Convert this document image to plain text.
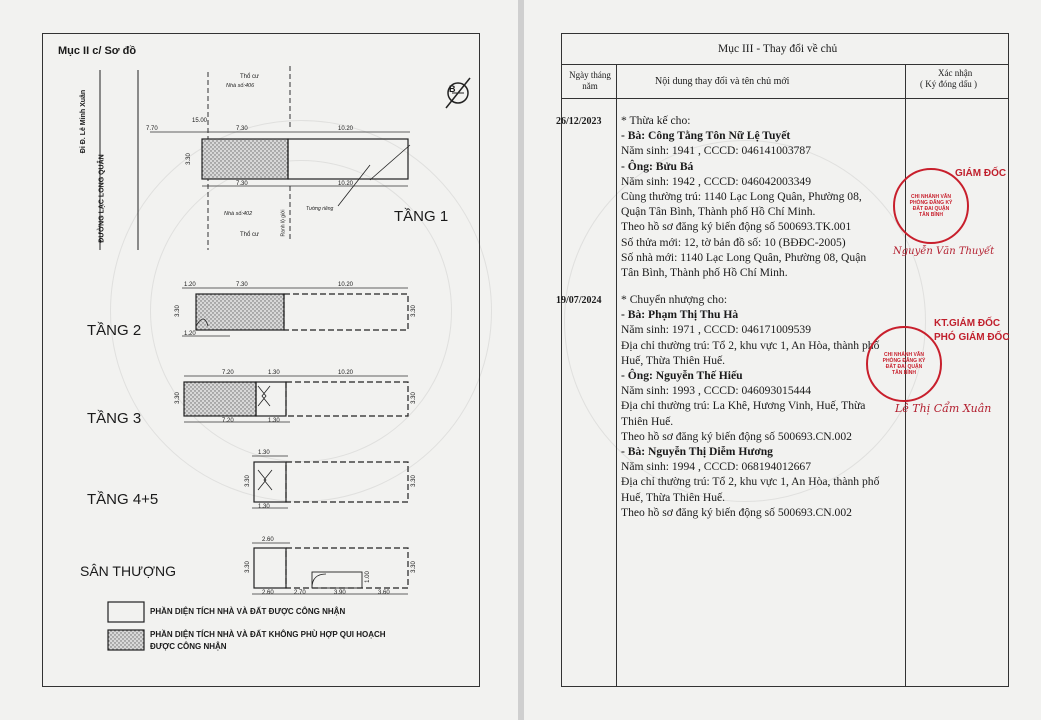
Mục II c/ Sơ đồ
Đi Đ. Lê Minh Xuân
ĐƯỜNG LẠC LONG QUÂN
B
Thổ cư
Nhà số:406
Nhà số:402
Thổ cư	Ranh lộ giới
Tường riêng
7.70
15.00
7.30	10.20
7.30	10.20
3.30
TẦNG 1
1.20	7.30	10.20
1.20
3.30	3.30
TẦNG 2
7.20	1.30	10.20
7.20	1.30
3.30	3.30
TẦNG 3
1.30
1.30
3.30	3.30
TẦNG 4+5
2.60
2.60	2.70	3.90	3.60
3.30	3.30
1.00
SÂN THƯỢNG
PHẦN DIỆN TÍCH NHÀ VÀ ĐẤT ĐƯỢC CÔNG NHẬN
PHẦN DIỆN TÍCH NHÀ VÀ ĐẤT KHÔNG PHÙ HỢP QUI HOẠCH
ĐƯỢC CÔNG NHẬN
Mục III - Thay đổi về chủ
Ngày tháng năm	Nội dung thay đổi và tên chủ mới
Xác nhận
( Ký đóng dấu )
26/12/2023 * Thừa kế cho:
- Bà: Công Tằng Tôn Nữ Lệ Tuyết
Năm sinh: 1941 , CCCD: 046141003787
- Ông: Bửu Bá
Năm sinh: 1942 , CCCD: 046042003349
Cùng thường trú: 1140 Lạc Long Quân, Phường 08,
Quận Tân Bình, Thành phố Hồ Chí Minh.
Theo hồ sơ đăng ký biến động số 500693.TK.001
Số thửa mới: 12, tờ bản đồ số: 10 (BĐĐC-2005)
Số nhà mới: 1140 Lạc Long Quân, Phường 08, Quận
Tân Bình, Thành phố Hồ Chí Minh.
19/07/2024 * Chuyển nhượng cho:
- Bà: Phạm Thị Thu Hà
Năm sinh: 1971 , CCCD: 046171009539
Địa chỉ thường trú: Tổ 2, khu vực 1, An Hòa, thành phố
Huế, Thừa Thiên Huế.
- Ông: Nguyễn Thế Hiếu
Năm sinh: 1993 , CCCD: 046093015444
Địa chỉ thường trú: La Khê, Hương Vinh, Huế, Thừa
Thiên Huế.
Theo hồ sơ đăng ký biến động số 500693.CN.002
- Bà: Nguyễn Thị Diễm Hương
Năm sinh: 1994 , CCCD: 068194012667
Địa chỉ thường trú: Tổ 2, khu vực 1, An Hòa, thành phố
Huế, Thừa Thiên Huế.
Theo hồ sơ đăng ký biến động số 500693.CN.002
GIÁM ĐỐC
CHI NHÁNH VĂN PHÒNG ĐĂNG KÝ ĐẤT ĐAI QUẬN TÂN BÌNH
Nguyễn Văn Thuyết
KT.GIÁM ĐỐC
PHÓ GIÁM ĐỐC
CHI NHÁNH VĂN PHÒNG ĐĂNG KÝ ĐẤT ĐAI QUẬN TÂN BÌNH
Lê Thị Cẩm Xuân
